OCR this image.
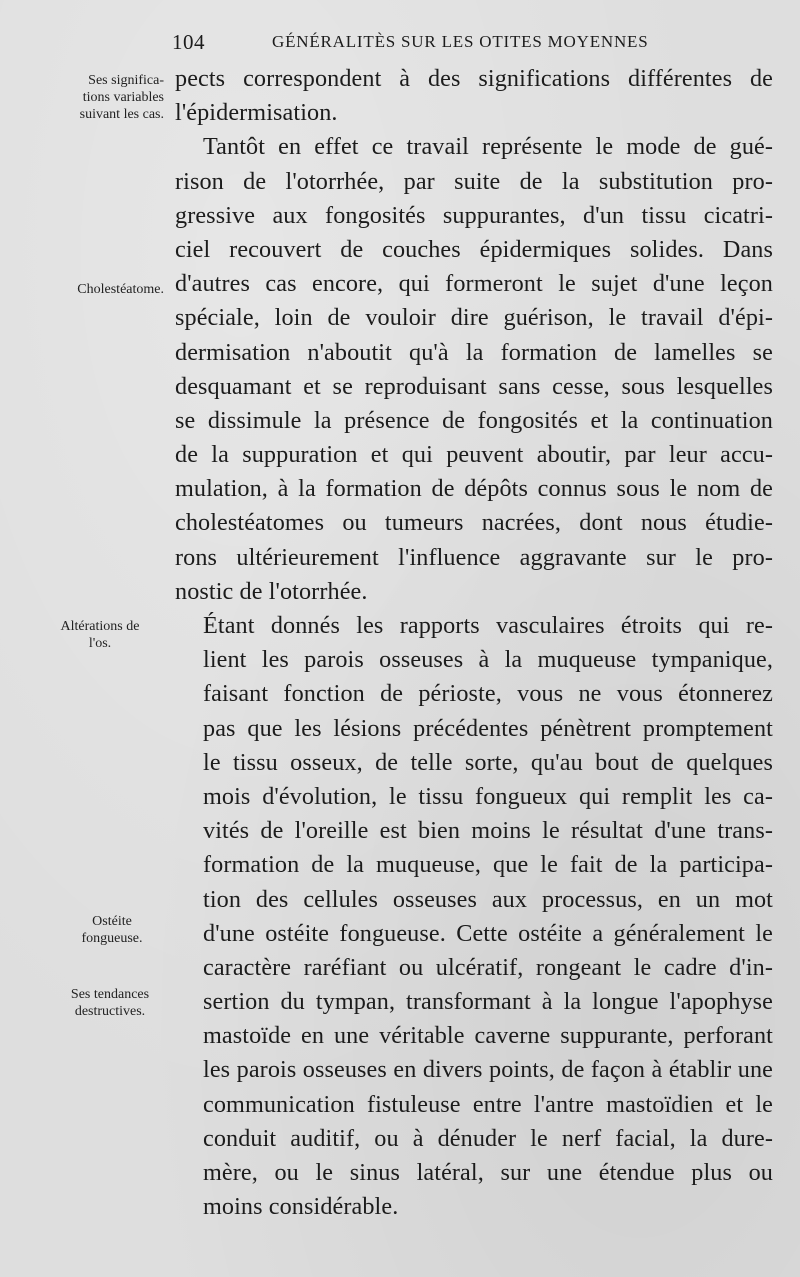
104	GÉNÉRALITÈS SUR LES OTITES MOYENNES
Ses significa-
tions variables
suivant les cas.
Cholestéatome.
Altérations de
l'os.
Ostéite
fongueuse.
Ses tendances
destructives.
pects correspondent à des significations différentes de
l'épidermisation.
Tantôt en effet ce travail représente le mode de gué-
rison de l'otorrhée, par suite de la substitution pro-
gressive aux fongosités suppurantes, d'un tissu cicatri-
ciel recouvert de couches épidermiques solides. Dans
d'autres cas encore, qui formeront le sujet d'une leçon
spéciale, loin de vouloir dire guérison, le travail d'épi-
dermisation n'aboutit qu'à la formation de lamelles se
desquamant et se reproduisant sans cesse, sous lesquelles
se dissimule la présence de fongosités et la continuation
de la suppuration et qui peuvent aboutir, par leur accu-
mulation, à la formation de dépôts connus sous le nom de
cholestéatomes ou tumeurs nacrées, dont nous étudie-
rons ultérieurement l'influence aggravante sur le pro-
nostic de l'otorrhée.
Étant donnés les rapports vasculaires étroits qui re-
lient les parois osseuses à la muqueuse tympanique,
faisant fonction de périoste, vous ne vous étonnerez
pas que les lésions précédentes pénètrent promptement
le tissu osseux, de telle sorte, qu'au bout de quelques
mois d'évolution, le tissu fongueux qui remplit les ca-
vités de l'oreille est bien moins le résultat d'une trans-
formation de la muqueuse, que le fait de la participa-
tion des cellules osseuses aux processus, en un mot
d'une ostéite fongueuse. Cette ostéite a généralement le
caractère raréfiant ou ulcératif, rongeant le cadre d'in-
sertion du tympan, transformant à la longue l'apophyse
mastoïde en une véritable caverne suppurante, perforant
les parois osseuses en divers points, de façon à établir une
communication fistuleuse entre l'antre mastoïdien et le
conduit auditif, ou à dénuder le nerf facial, la dure-
mère, ou le sinus latéral, sur une étendue plus ou
moins considérable.
